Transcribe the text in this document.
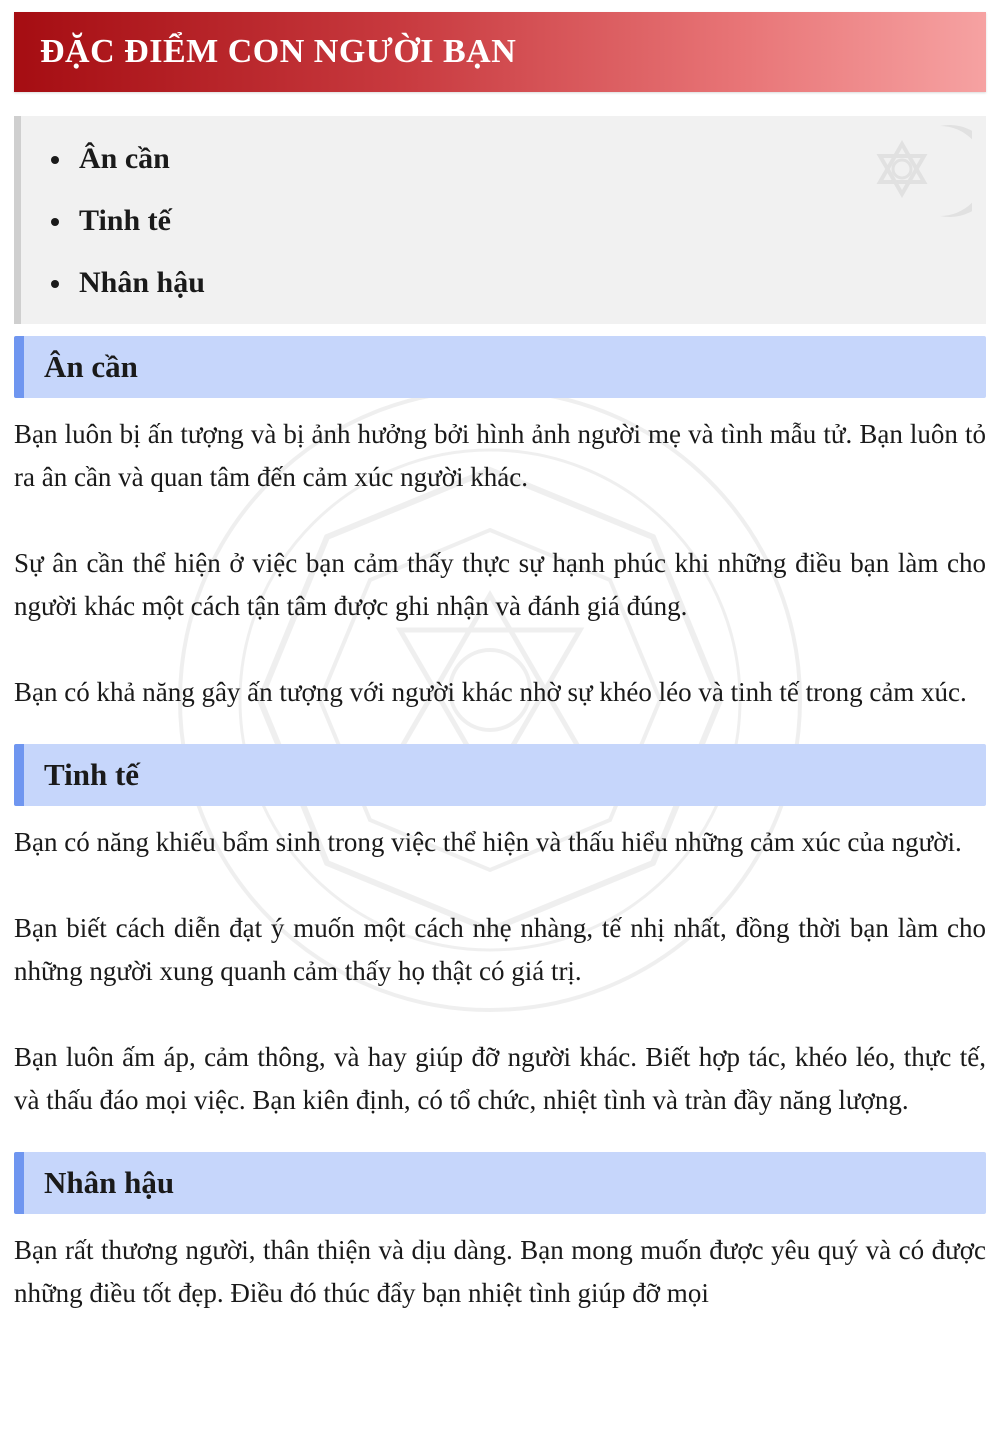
ĐẶC ĐIỂM CON NGƯỜI BẠN
Ân cần
Tinh tế
Nhân hậu
Ân cần

Bạn luôn bị ấn tượng và bị ảnh hưởng bởi hình ảnh người mẹ và tình mẫu tử. Bạn luôn tỏ ra ân cần và quan tâm đến cảm xúc người khác.

Sự ân cần thể hiện ở việc bạn cảm thấy thực sự hạnh phúc khi những điều bạn làm cho người khác một cách tận tâm được ghi nhận và đánh giá đúng.

Bạn có khả năng gây ấn tượng với người khác nhờ sự khéo léo và tinh tế trong cảm xúc.

Tinh tế

Bạn có năng khiếu bẩm sinh trong việc thể hiện và thấu hiểu những cảm xúc của người.

Bạn biết cách diễn đạt ý muốn một cách nhẹ nhàng, tế nhị nhất, đồng thời bạn làm cho những người xung quanh cảm thấy họ thật có giá trị.

Bạn luôn ấm áp, cảm thông, và hay giúp đỡ người khác. Biết hợp tác, khéo léo, thực tế, và thấu đáo mọi việc. Bạn kiên định, có tổ chức, nhiệt tình và tràn đầy năng lượng.

Nhân hậu

Bạn rất thương người, thân thiện và dịu dàng. Bạn mong muốn được yêu quý và có được những điều tốt đẹp. Điều đó thúc đẩy bạn nhiệt tình giúp đỡ mọi
